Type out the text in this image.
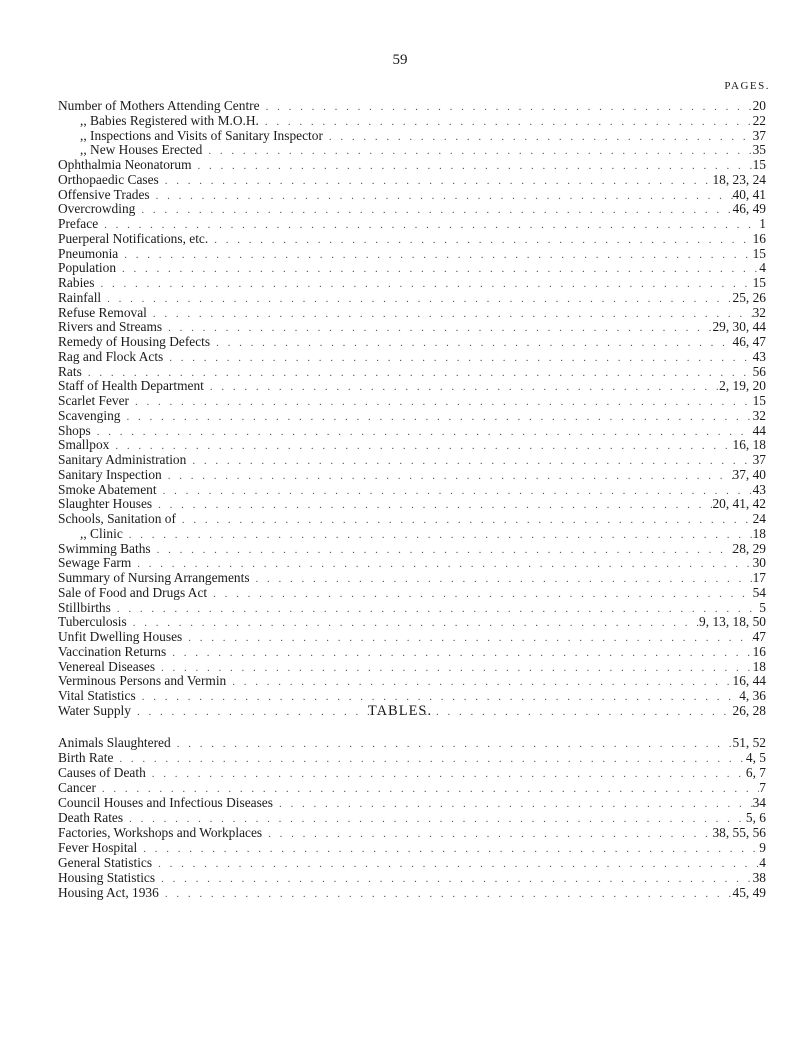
59
PAGES.
Number of Mothers Attending Centre . . .	20
,, Babies Registered with M.O.H. . . .	22
,, Inspections and Visits of Sanitary Inspector . . .	37
,, New Houses Erected . . .	35
Ophthalmia Neonatorum . . .	15
Orthopaedic Cases . . .	18, 23, 24
Offensive Trades . . .	40, 41
Overcrowding . . .	46, 49
Preface . . .	1
Puerperal Notifications, etc. . . .	16
Pneumonia . . .	15
Population . . .	4
Rabies . . .	15
Rainfall . . .	25, 26
Refuse Removal . . .	32
Rivers and Streams . . .	29, 30, 44
Remedy of Housing Defects . . .	46, 47
Rag and Flock Acts . . .	43
Rats . . .	56
Staff of Health Department . . .	2, 19, 20
Scarlet Fever . . .	15
Scavenging . . .	32
Shops . . .	44
Smallpox . . .	16, 18
Sanitary Administration . . .	37
Sanitary Inspection . . .	37, 40
Smoke Abatement . . .	43
Slaughter Houses . . .	20, 41, 42
Schools, Sanitation of . . .	24
,, Clinic . . .	18
Swimming Baths . . .	28, 29
Sewage Farm . . .	30
Summary of Nursing Arrangements . . .	17
Sale of Food and Drugs Act . . .	54
Stillbirths . . .	5
Tuberculosis . . .	9, 13, 18, 50
Unfit Dwelling Houses . . .	47
Vaccination Returns . . .	16
Venereal Diseases . . .	18
Verminous Persons and Vermin . . .	16, 44
Vital Statistics . . .	4, 36
Water Supply . . .	26, 28
TABLES.
Animals Slaughtered . . .	51, 52
Birth Rate . . .	4, 5
Causes of Death . . .	6, 7
Cancer . . .	7
Council Houses and Infectious Diseases . . .	34
Death Rates . . .	5, 6
Factories, Workshops and Workplaces . . .	38, 55, 56
Fever Hospital . . .	9
General Statistics . . .	4
Housing Statistics . . .	38
Housing Act, 1936 . . .	45, 49
